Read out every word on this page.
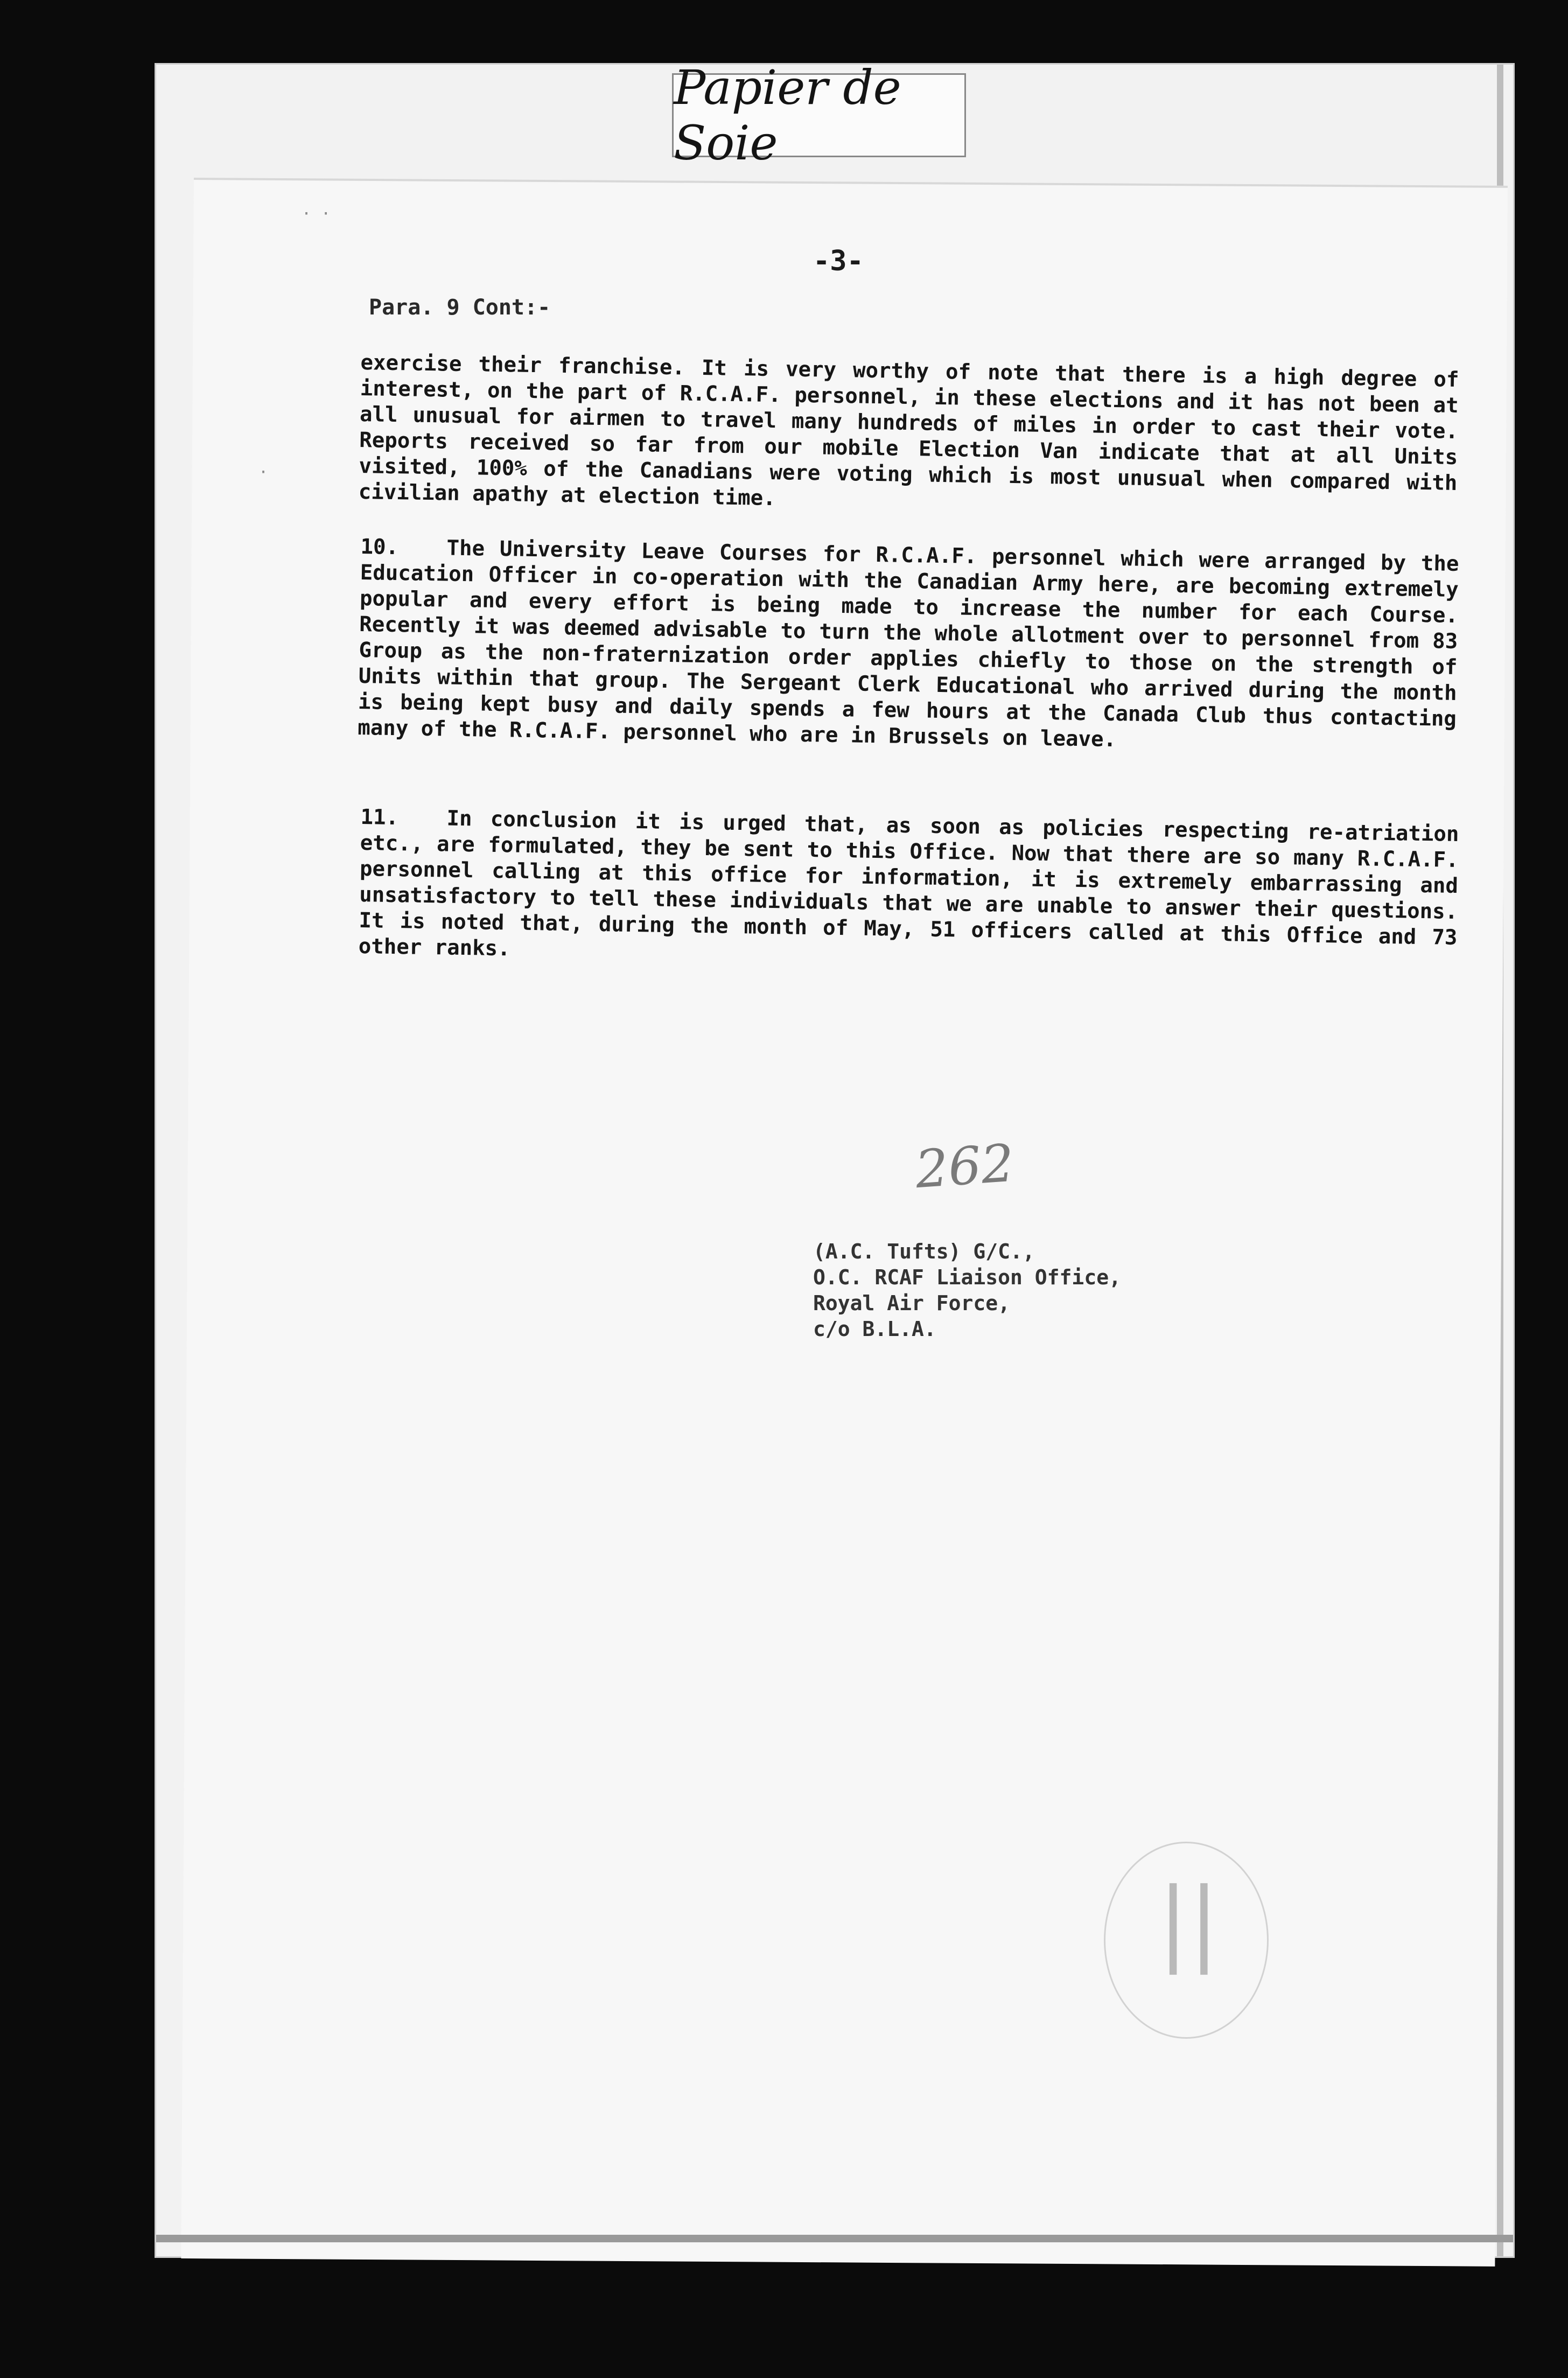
Papier de Soie
· ·
·
-3-
Para. 9 Cont:-

exercise their franchise. It is very worthy of note that there is a high degree of interest, on the part of R.C.A.F. personnel, in these elections and it has not been at all unusual for airmen to travel many hundreds of miles in order to cast their vote. Reports received so far from our mobile Election Van indicate that at all Units visited, 100% of the Canadians were voting which is most unusual when compared with civilian apathy at election time.

10. The University Leave Courses for R.C.A.F. personnel which were arranged by the Education Officer in co-operation with the Canadian Army here, are becoming extremely popular and every effort is being made to increase the number for each Course. Recently it was deemed advisable to turn the whole allotment over to personnel from 83 Group as the non-fraternization order applies chiefly to those on the strength of Units within that group. The Sergeant Clerk Educational who arrived during the month is being kept busy and daily spends a few hours at the Canada Club thus contacting many of the R.C.A.F. personnel who are in Brussels on leave.

11. In conclusion it is urged that, as soon as policies respecting re-atriation etc., are formulated, they be sent to this Office. Now that there are so many R.C.A.F. personnel calling at this office for information, it is extremely embarrassing and unsatisfactory to tell these individuals that we are unable to answer their questions. It is noted that, during the month of May, 51 officers called at this Office and 73 other ranks.

262
(A.C. Tufts) G/C.,
O.C. RCAF Liaison Office,
Royal Air Force,
c/o B.L.A.
||
